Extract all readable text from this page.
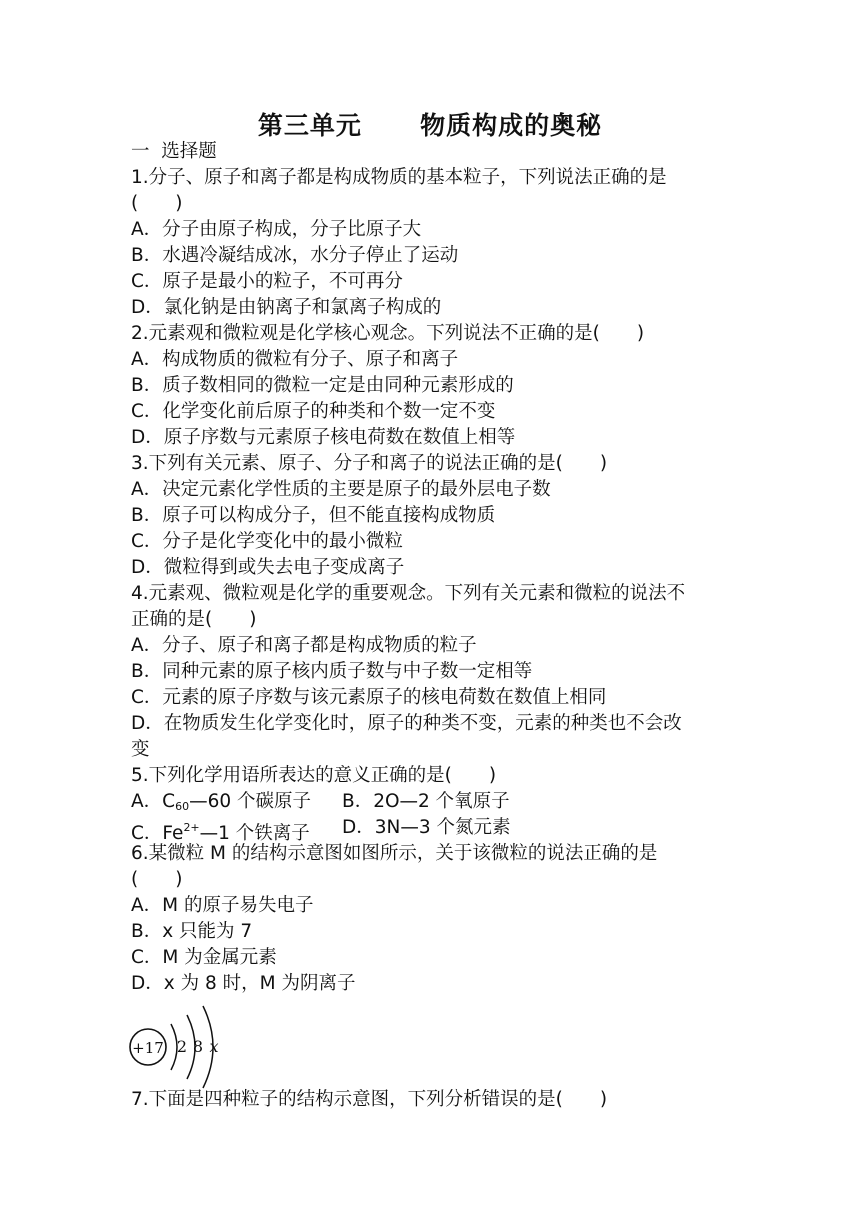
第三单元      物质构成的奥秘
一  选择题
1.分子、原子和离子都是构成物质的基本粒子，下列说法正确的是
(　　)
A．分子由原子构成，分子比原子大
B．水遇冷凝结成冰，水分子停止了运动
C．原子是最小的粒子，不可再分
D．氯化钠是由钠离子和氯离子构成的
2.元素观和微粒观是化学核心观念。下列说法不正确的是(　　)
A．构成物质的微粒有分子、原子和离子
B．质子数相同的微粒一定是由同种元素形成的
C．化学变化前后原子的种类和个数一定不变
D．原子序数与元素原子核电荷数在数值上相等
3.下列有关元素、原子、分子和离子的说法正确的是(　　)
A．决定元素化学性质的主要是原子的最外层电子数
B．原子可以构成分子，但不能直接构成物质
C．分子是化学变化中的最小微粒
D．微粒得到或失去电子变成离子
4.元素观、微粒观是化学的重要观念。下列有关元素和微粒的说法不
正确的是(　　)
A．分子、原子和离子都是构成物质的粒子
B．同种元素的原子核内质子数与中子数一定相等
C．元素的原子序数与该元素原子的核电荷数在数值上相同
D．在物质发生化学变化时，原子的种类不变，元素的种类也不会改
变
5.下列化学用语所表达的意义正确的是(　　)
A．$C_{60}—60$ 个碳原子 B．2O—2 个氧原子
C．$Fe^{2+}—1$ 个铁离子 D．3N—3 个氮元素
6.某微粒 M 的结构示意图如图所示，关于该微粒的说法正确的是
(　　)
A．M 的原子易失电子
B．x 只能为 7
C．M 为金属元素
D．x 为 8 时，M 为阴离子
+17 2 8 x
7.下面是四种粒子的结构示意图，下列分析错误的是(　　)
